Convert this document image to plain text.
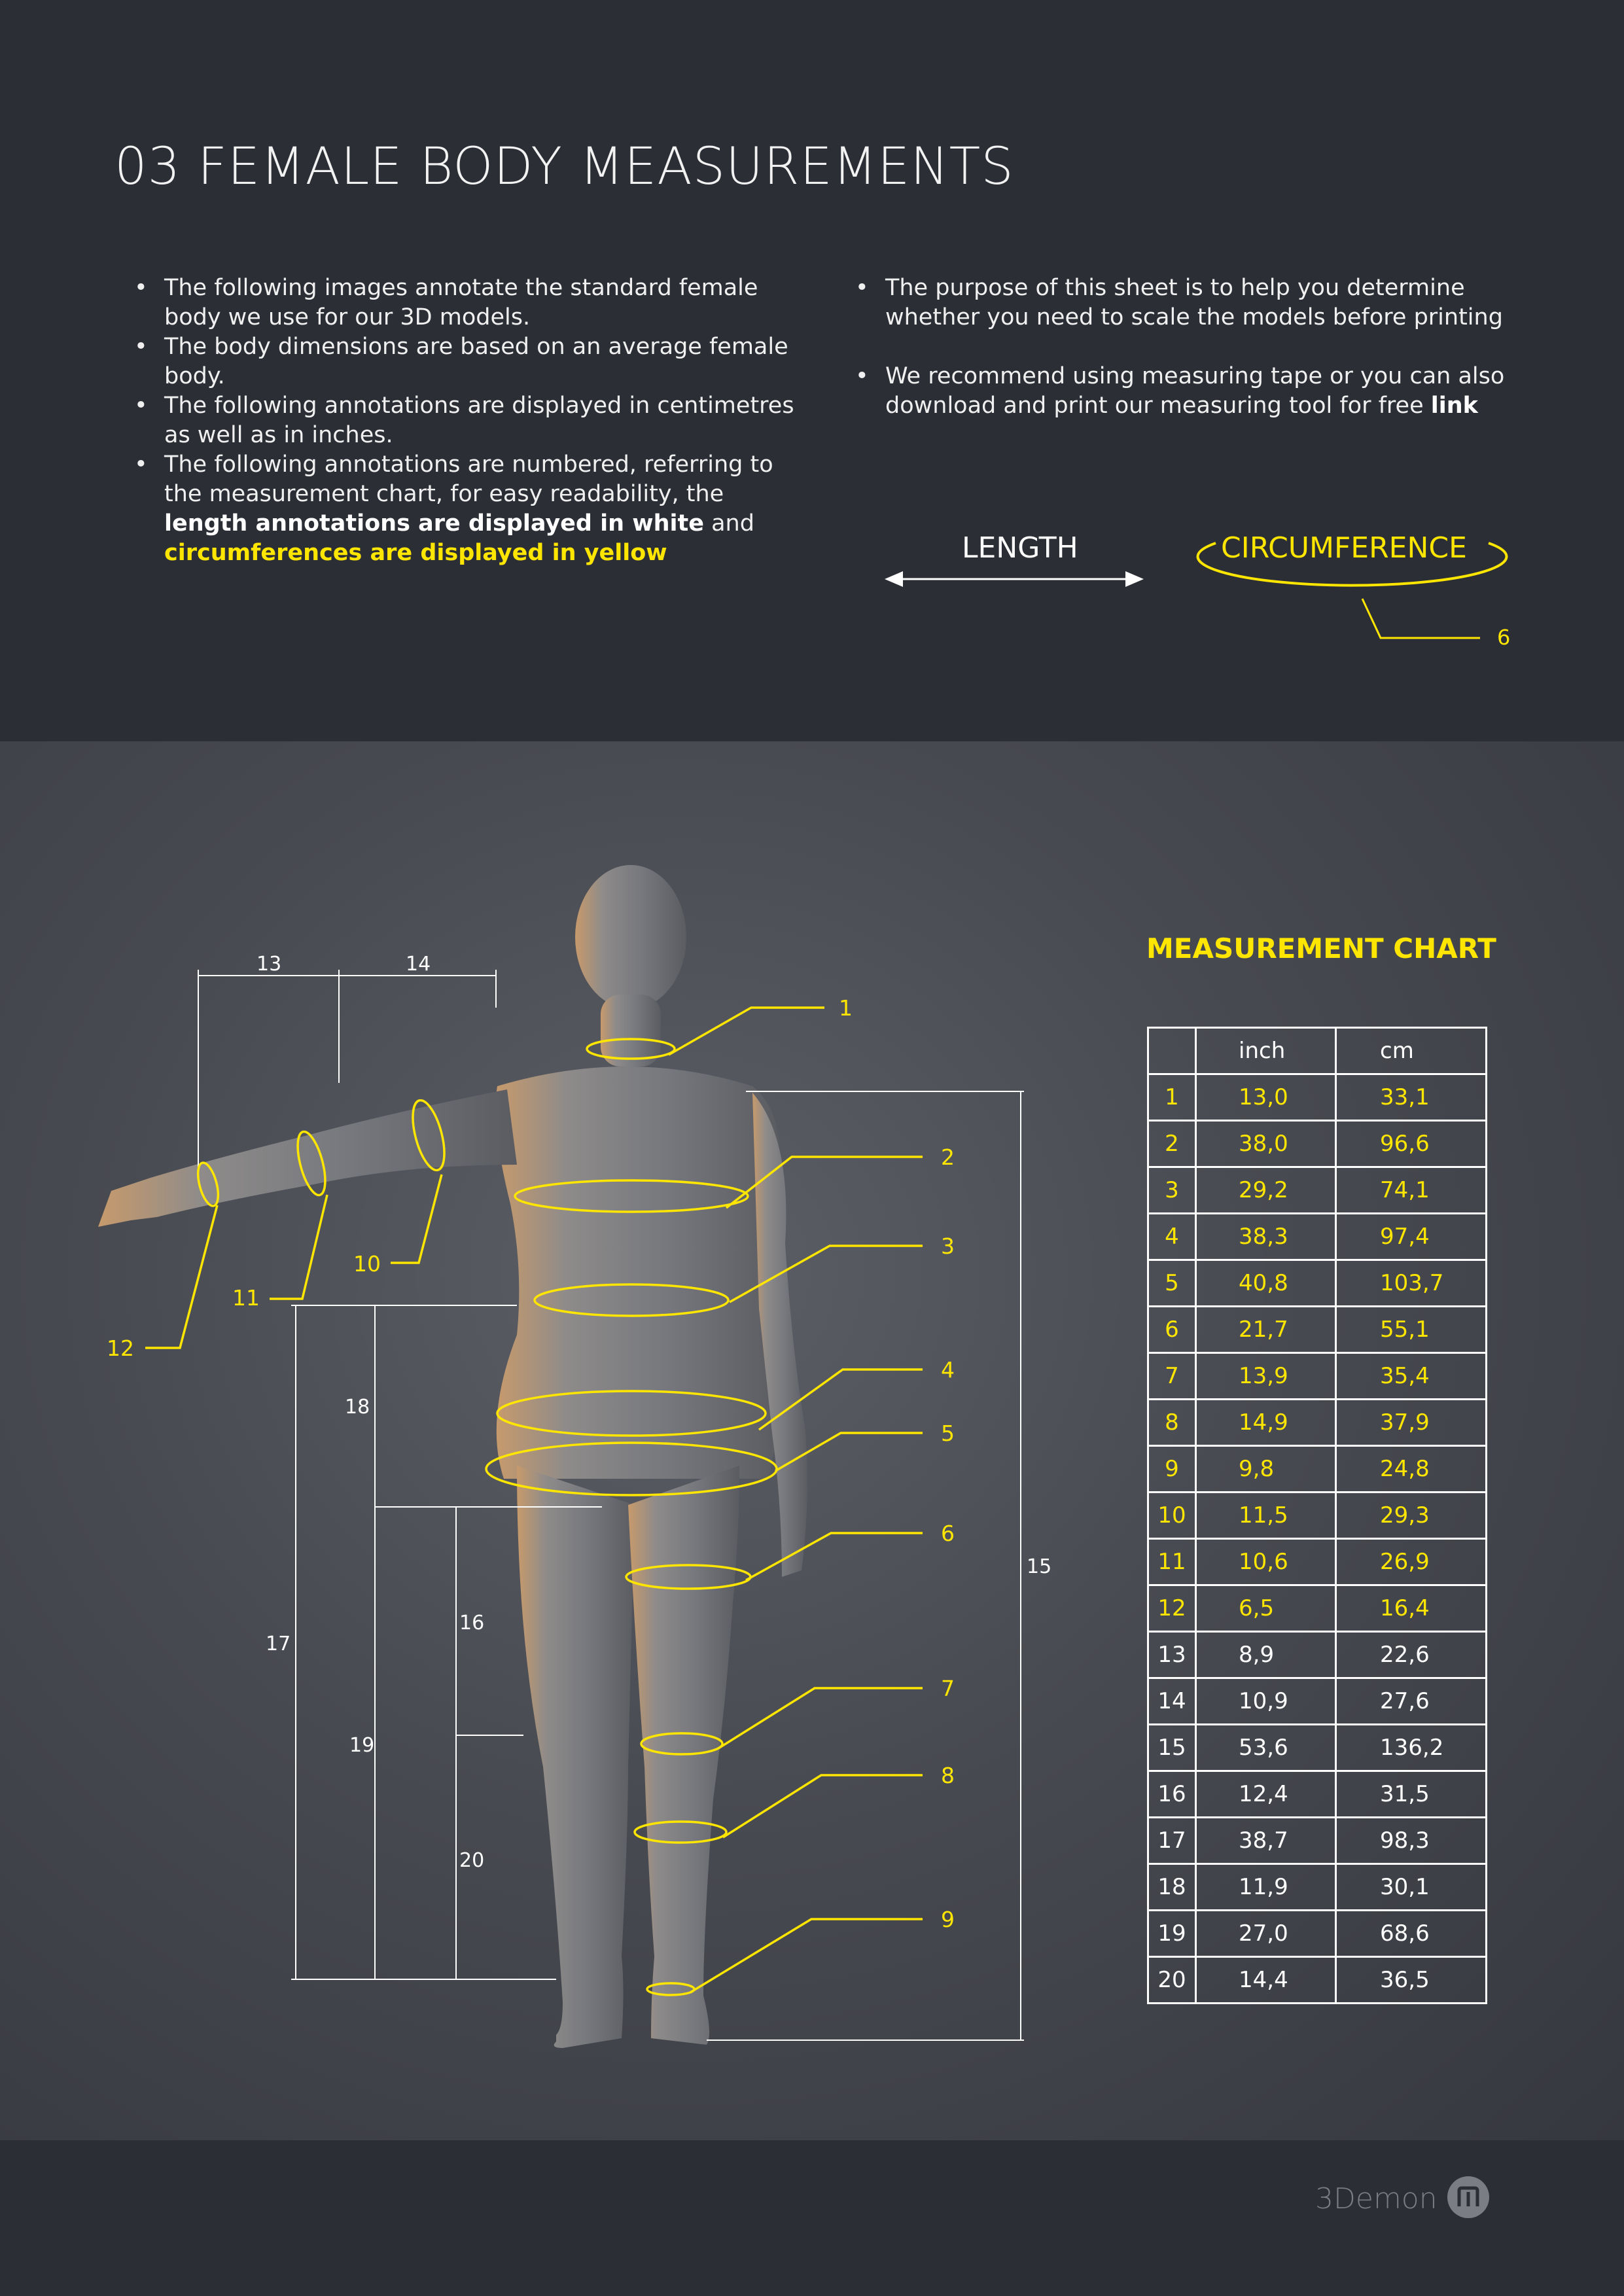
03 FEMALE BODY MEASUREMENTS
• The following images annotate the standard female body we use for our 3D models.
• The body dimensions are based on an average female body.
• The following annotations are displayed in centimetres as well as in inches.
• The following annotations are numbered, referring to the measurement chart, for easy readability, the length annotations are displayed in white and circumferences are displayed in yellow
• The purpose of this sheet is to help you determine whether you need to scale the models before printing
• We recommend using measuring tape or you can also download and print our measuring tool for free link
LENGTH	CIRCUMFERENCE
6
13	14
15
16
17
18
19
20
1
2
3
4
5
6
7
8
9
10
11
12
MEASUREMENT CHART
	inch	cm
1	13,0	33,1
2	38,0	96,6
3	29,2	74,1
4	38,3	97,4
5	40,8	103,7
6	21,7	55,1
7	13,9	35,4
8	14,9	37,9
9	9,8	24,8
10	11,5	29,3
11	10,6	26,9
12	6,5	16,4
13	8,9	22,6
14	10,9	27,6
15	53,6	136,2
16	12,4	31,5
17	38,7	98,3
18	11,9	30,1
19	27,0	68,6
20	14,4	36,5
3Demon
